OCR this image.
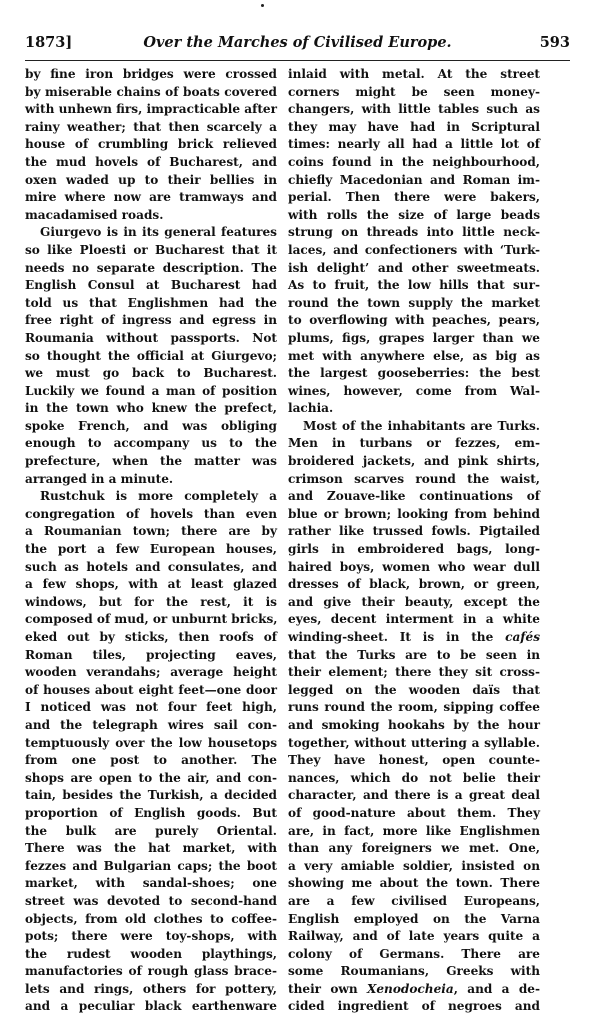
1873]	Over the Marches of Civilised Europe.	593
by fine iron bridges were crossed
by miserable chains of boats covered
with unhewn firs, impracticable after
rainy weather; that then scarcely a
house of crumbling brick relieved
the mud hovels of Bucharest, and
oxen waded up to their bellies in
mire where now are tramways and
macadamised roads.
Giurgevo is in its general features
so like Ploesti or Bucharest that it
needs no separate description. The
English Consul at Bucharest had
told us that Englishmen had the
free right of ingress and egress in
Roumania without passports. Not
so thought the official at Giurgevo;
we must go back to Bucharest.
Luckily we found a man of position
in the town who knew the prefect,
spoke French, and was obliging
enough to accompany us to the
prefecture, when the matter was
arranged in a minute.
Rustchuk is more completely a
congregation of hovels than even
a Roumanian town; there are by
the port a few European houses,
such as hotels and consulates, and
a few shops, with at least glazed
windows, but for the rest, it is
composed of mud, or unburnt bricks,
eked out by sticks, then roofs of
Roman tiles, projecting eaves,
wooden verandahs; average height
of houses about eight feet—one door
I noticed was not four feet high,
and the telegraph wires sail con-
temptuously over the low housetops
from one post to another. The
shops are open to the air, and con-
tain, besides the Turkish, a decided
proportion of English goods. But
the bulk are purely Oriental.
There was the hat market, with
fezzes and Bulgarian caps; the boot
market, with sandal-shoes; one
street was devoted to second-hand
objects, from old clothes to coffee-
pots; there were toy-shops, with
the rudest wooden playthings,
manufactories of rough glass brace-
lets and rings, others for pottery,
and a peculiar black earthenware
inlaid with metal. At the street
corners might be seen money-
changers, with little tables such as
they may have had in Scriptural
times: nearly all had a little lot of
coins found in the neighbourhood,
chiefly Macedonian and Roman im-
perial. Then there were bakers,
with rolls the size of large beads
strung on threads into little neck-
laces, and confectioners with ‘Turk-
ish delight’ and other sweetmeats.
As to fruit, the low hills that sur-
round the town supply the market
to overflowing with peaches, pears,
plums, figs, grapes larger than we
met with anywhere else, as big as
the largest gooseberries: the best
wines, however, come from Wal-
lachia.
Most of the inhabitants are Turks.
Men in turbans or fezzes, em-
broidered jackets, and pink shirts,
crimson scarves round the waist,
and Zouave-like continuations of
blue or brown; looking from behind
rather like trussed fowls. Pigtailed
girls in embroidered bags, long-
haired boys, women who wear dull
dresses of black, brown, or green,
and give their beauty, except the
eyes, decent interment in a white
winding-sheet. It is in the cafés
that the Turks are to be seen in
their element; there they sit cross-
legged on the wooden daïs that
runs round the room, sipping coffee
and smoking hookahs by the hour
together, without uttering a syllable.
They have honest, open counte-
nances, which do not belie their
character, and there is a great deal
of good-nature about them. They
are, in fact, more like Englishmen
than any foreigners we met. One,
a very amiable soldier, insisted on
showing me about the town. There
are a few civilised Europeans,
English employed on the Varna
Railway, and of late years quite a
colony of Germans. There are
some Roumanians, Greeks with
their own Xenodocheia, and a de-
cided ingredient of negroes and
